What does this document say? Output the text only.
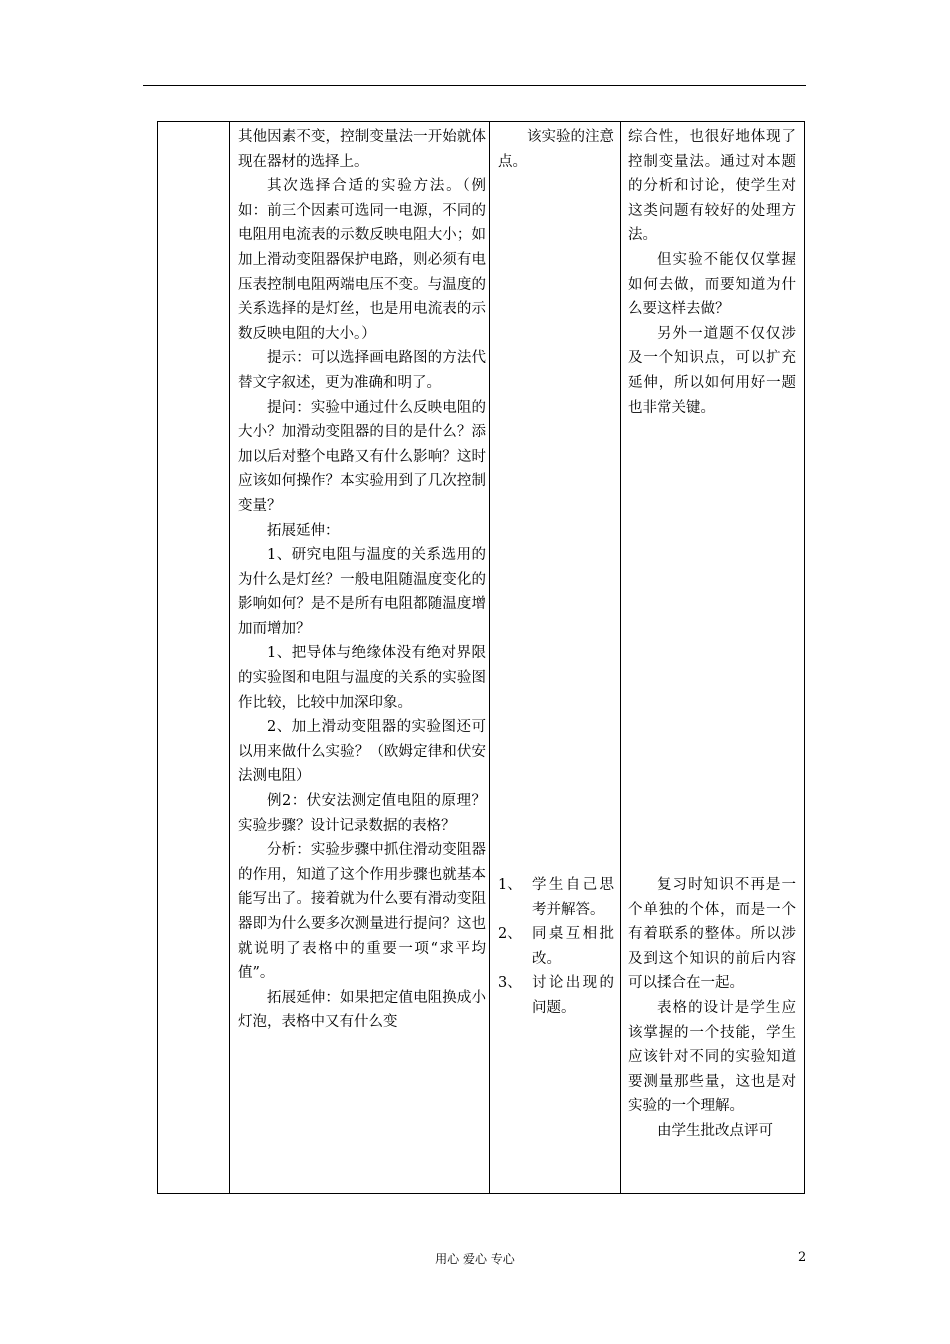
其他因素不变，控制变量法一开始就体现在器材的选择上。

其次选择合适的实验方法。（例如：前三个因素可选同一电源，不同的电阻用电流表的示数反映电阻大小；如加上滑动变阻器保护电路，则必须有电压表控制电阻两端电压不变。与温度的关系选择的是灯丝，也是用电流表的示数反映电阻的大小。）

提示：可以选择画电路图的方法代替文字叙述，更为准确和明了。

提问：实验中通过什么反映电阻的大小？加滑动变阻器的目的是什么？添加以后对整个电路又有什么影响？这时应该如何操作？本实验用到了几次控制变量？

拓展延伸：

1、研究电阻与温度的关系选用的为什么是灯丝？一般电阻随温度变化的影响如何？是不是所有电阻都随温度增加而增加？

1、把导体与绝缘体没有绝对界限的实验图和电阻与温度的关系的实验图作比较，比较中加深印象。

2、加上滑动变阻器的实验图还可以用来做什么实验？（欧姆定律和伏安法测电阻）

例2：伏安法测定值电阻的原理？实验步骤？设计记录数据的表格？

分析：实验步骤中抓住滑动变阻器的作用，知道了这个作用步骤也就基本能写出了。接着就为什么要有滑动变阻器即为什么要多次测量进行提问？这也就说明了表格中的重要一项“求平均值”。

拓展延伸：如果把定值电阻换成小灯泡，表格中又有什么变

该实验的注意点。

1、 学生自己思考并解答。
2、 同桌互相批改。
3、 讨论出现的问题。

综合性，也很好地体现了控制变量法。通过对本题的分析和讨论，使学生对这类问题有较好的处理方法。

但实验不能仅仅掌握如何去做，而要知道为什么要这样去做？

另外一道题不仅仅涉及一个知识点，可以扩充延伸，所以如何用好一题也非常关键。

复习时知识不再是一个单独的个体，而是一个有着联系的整体。所以涉及到这个知识的前后内容可以揉合在一起。

表格的设计是学生应该掌握的一个技能，学生应该针对不同的实验知道要测量那些量，这也是对实验的一个理解。

由学生批改点评可

用心 爱心 专心	2
